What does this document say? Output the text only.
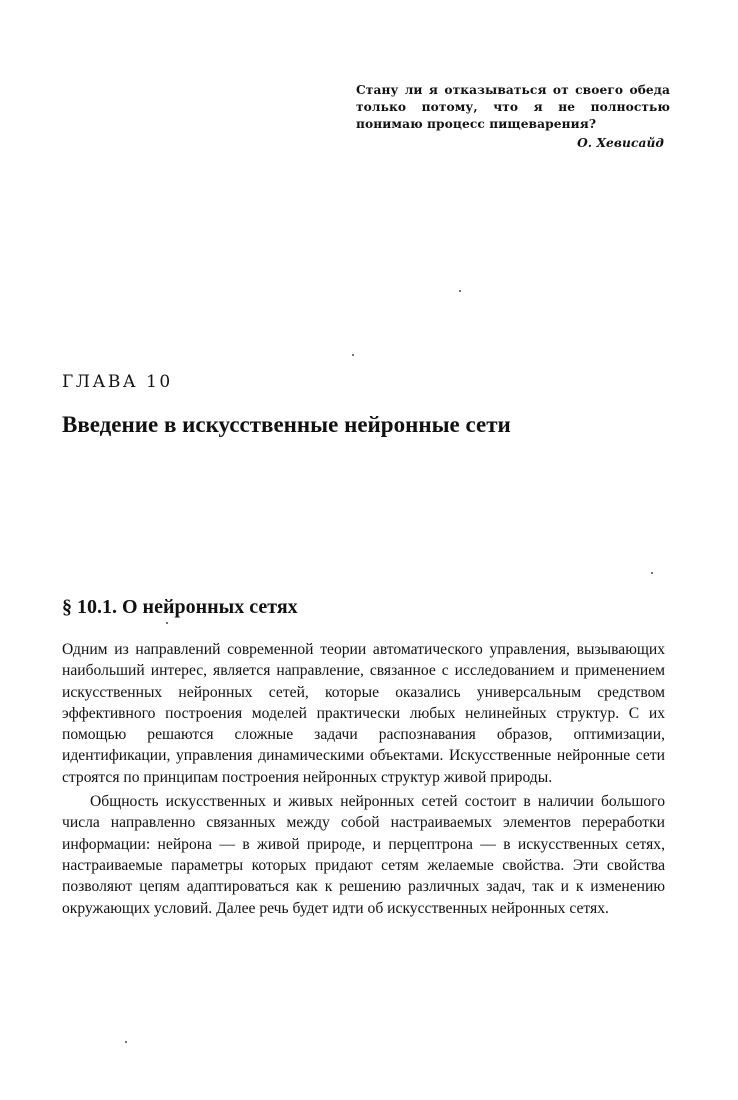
Стану ли я отказываться от своего обеда только потому, что я не полностью понимаю процесс пищеварения?
О. Хевисайд
ГЛАВА 10
Введение в искусственные нейронные сети
§ 10.1. О нейронных сетях

Одним из направлений современной теории автоматического управления, вызывающих наибольший интерес, является направление, связанное с исследованием и применением искусственных нейронных сетей, которые оказались универсальным средством эффективного построения моделей практически любых нелинейных структур. С их помощью решаются сложные задачи распознавания образов, оптимизации, идентификации, управления динамическими объектами. Искусственные нейронные сети строятся по принципам построения нейронных структур живой природы.

Общность искусственных и живых нейронных сетей состоит в наличии большого числа направленно связанных между собой настраиваемых элементов переработки информации: нейрона — в живой природе, и перцептрона — в искусственных сетях, настраиваемые параметры которых придают сетям желаемые свойства. Эти свойства позволяют цепям адаптироваться как к решению различных задач, так и к изменению окружающих условий. Далее речь будет идти об искусственных нейронных сетях.
